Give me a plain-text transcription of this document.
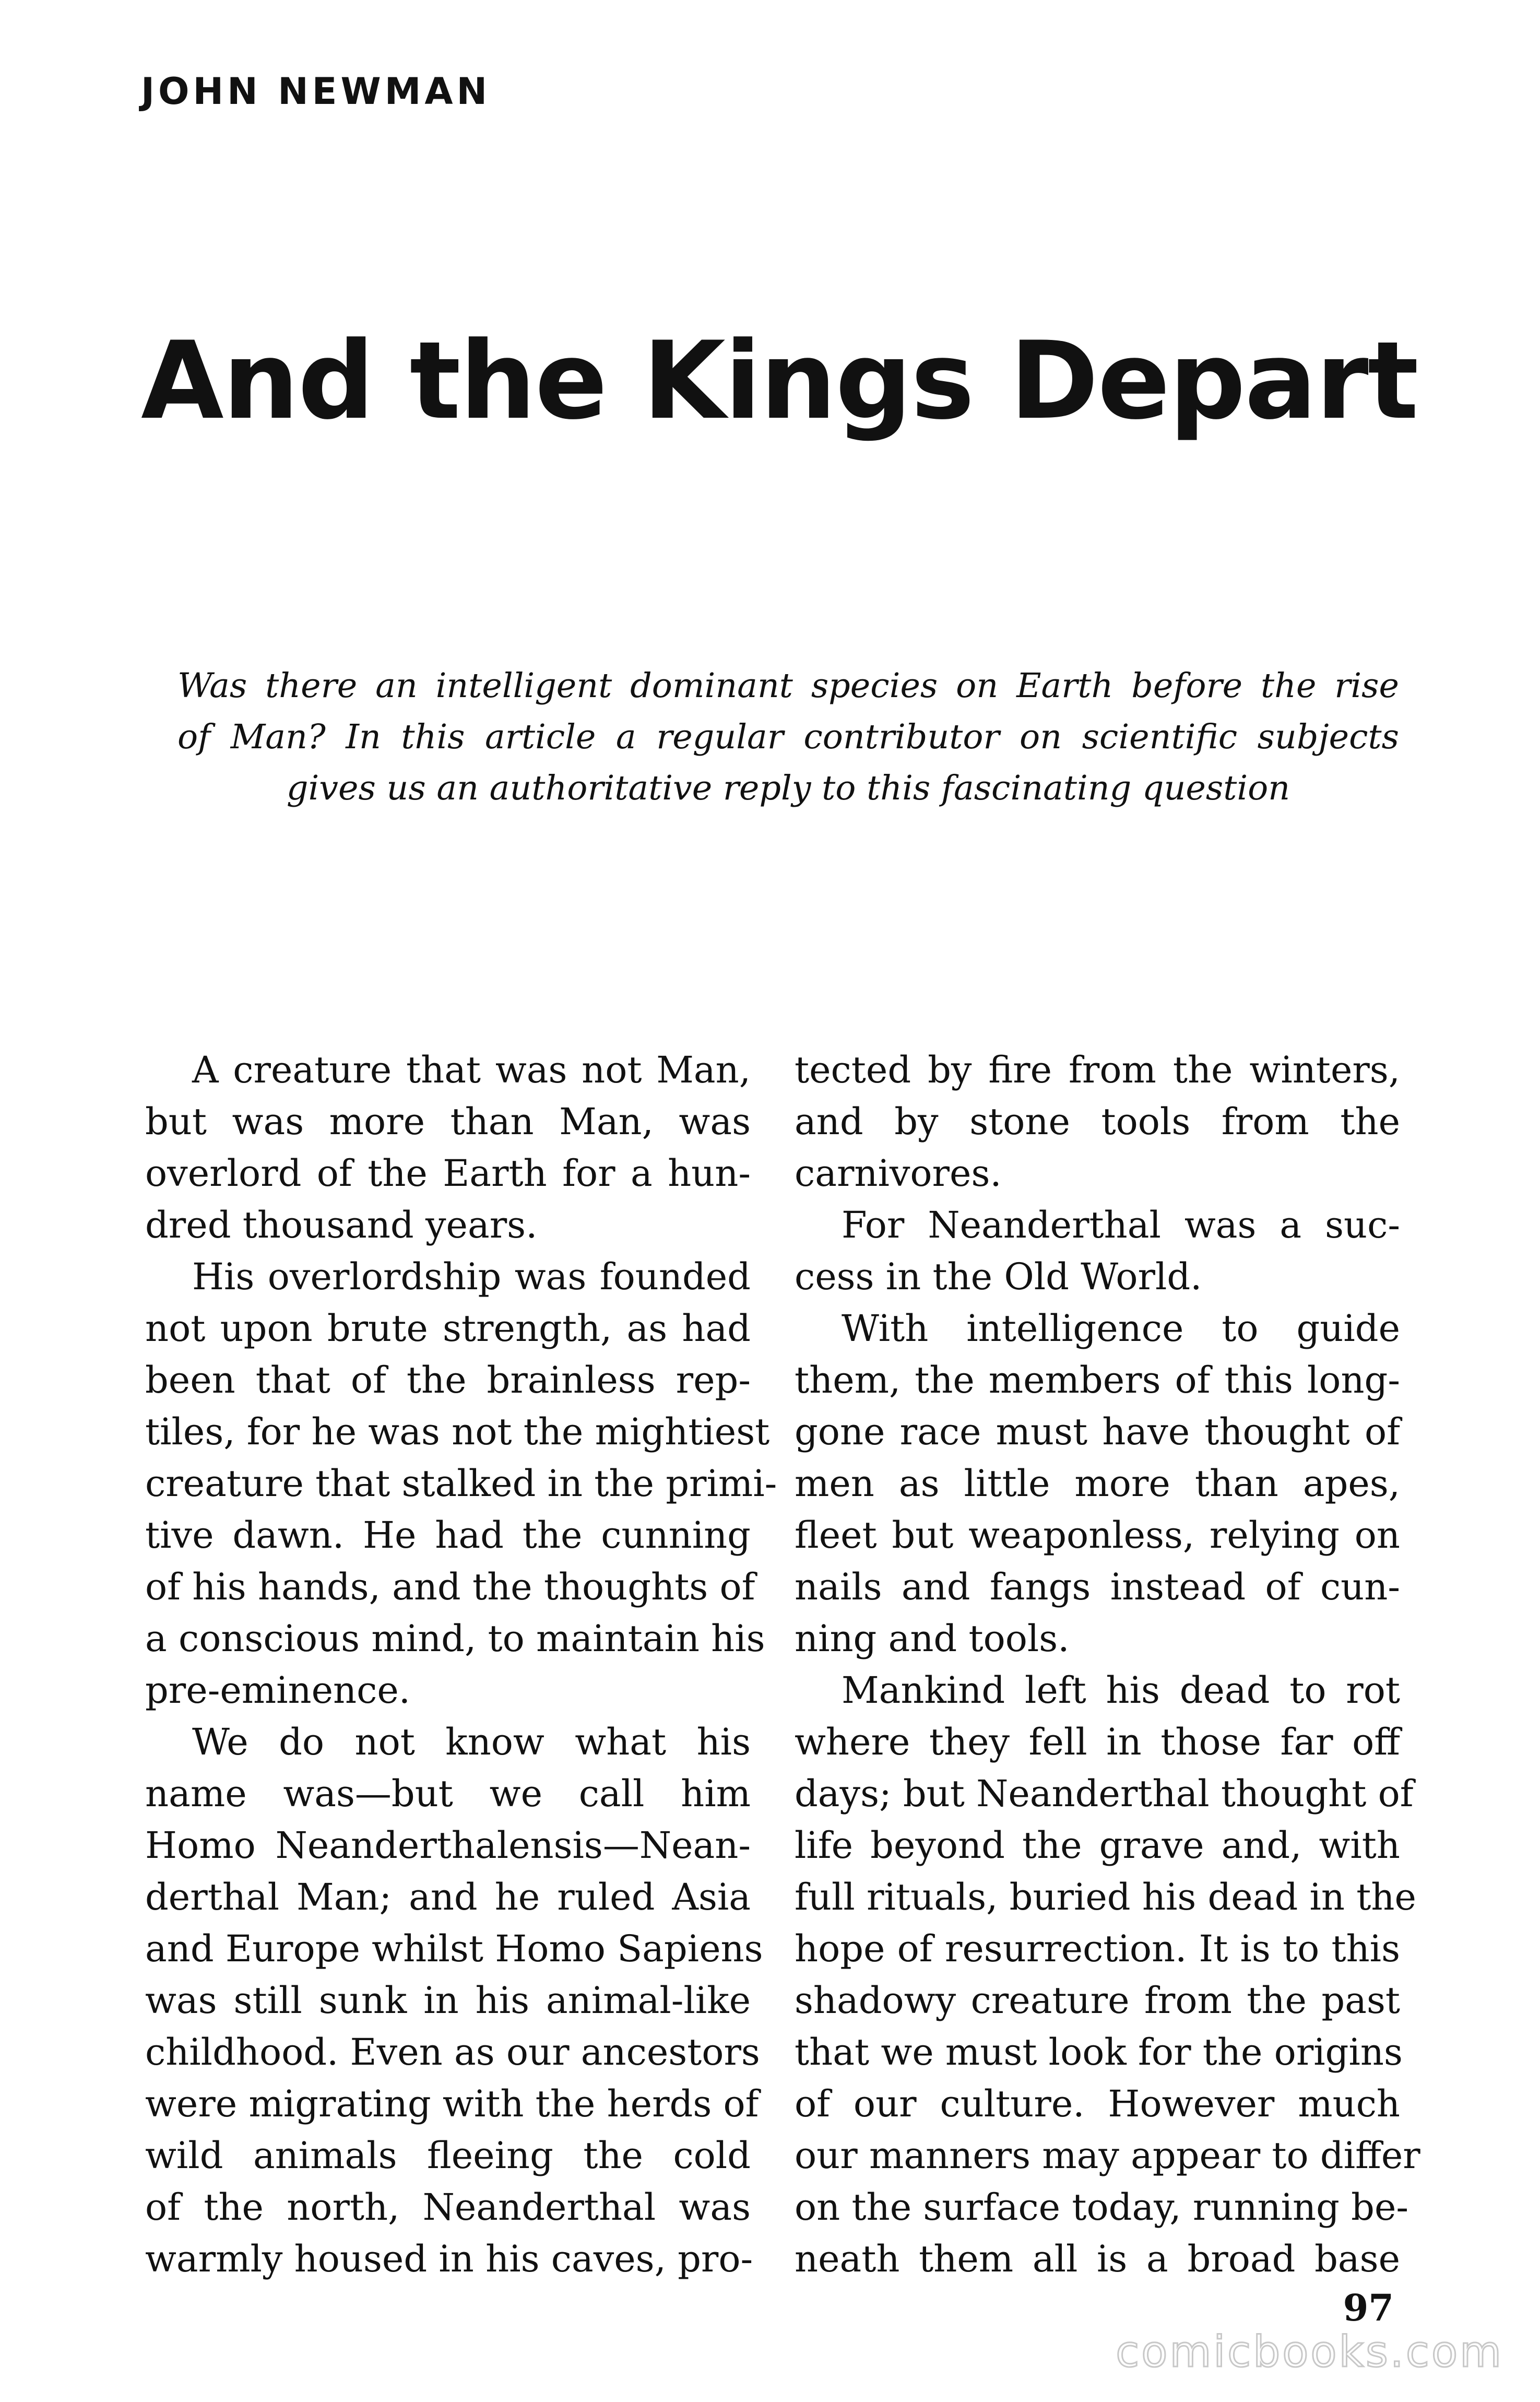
JOHN NEWMAN
And the Kings Depart
Was there an intelligent dominant species on Earth before the rise
of Man? In this article a regular contributor on scientific subjects
gives us an authoritative reply to this fascinating question
A creature that was not Man,
but was more than Man, was
overlord of the Earth for a hun-
dred thousand years.
His overlordship was founded
not upon brute strength, as had
been that of the brainless rep-
tiles, for he was not the mightiest
creature that stalked in the primi-
tive dawn. He had the cunning
of his hands, and the thoughts of
a conscious mind, to maintain his
pre-eminence.
We do not know what his
name was—but we call him
Homo Neanderthalensis—Nean-
derthal Man; and he ruled Asia
and Europe whilst Homo Sapiens
was still sunk in his animal-like
childhood. Even as our ancestors
were migrating with the herds of
wild animals fleeing the cold
of the north, Neanderthal was
warmly housed in his caves, pro-
tected by fire from the winters,
and by stone tools from the
carnivores.
For Neanderthal was a suc-
cess in the Old World.
With intelligence to guide
them, the members of this long-
gone race must have thought of
men as little more than apes,
fleet but weaponless, relying on
nails and fangs instead of cun-
ning and tools.
Mankind left his dead to rot
where they fell in those far off
days; but Neanderthal thought of
life beyond the grave and, with
full rituals, buried his dead in the
hope of resurrection. It is to this
shadowy creature from the past
that we must look for the origins
of our culture. However much
our manners may appear to differ
on the surface today, running be-
neath them all is a broad base
97
comicbooks.com
